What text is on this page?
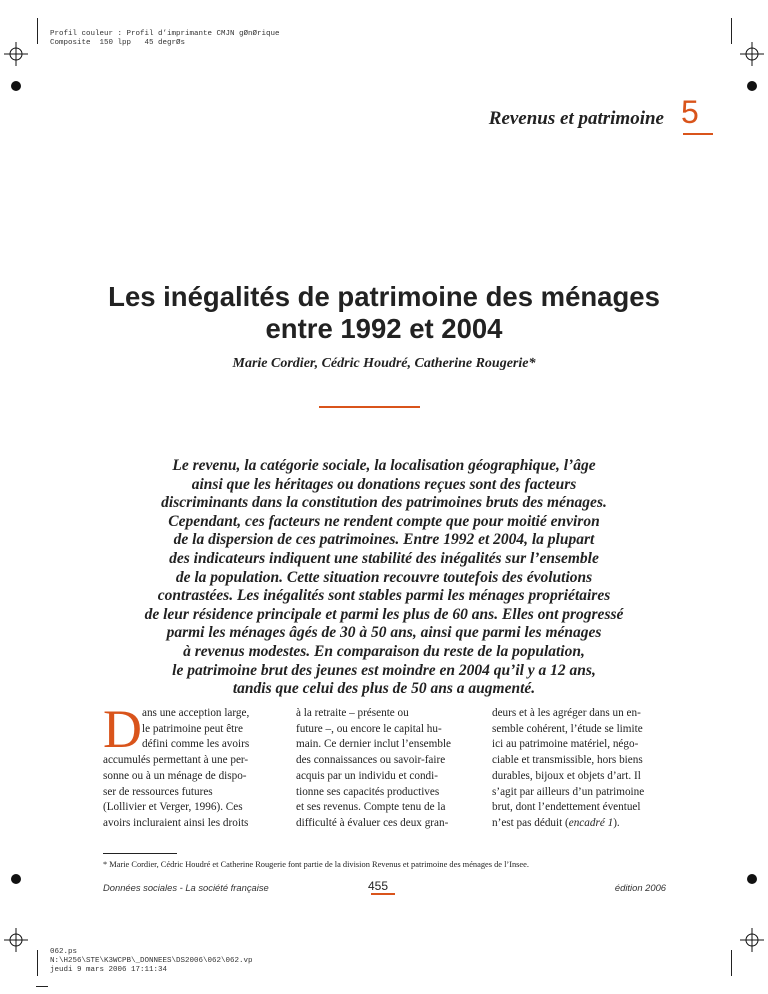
Profil couleur : Profil d’imprimante CMJN gØnØrique
Composite  150 lpp   45 degrØs
Revenus et patrimoine 5
Les inégalités de patrimoine des ménages
entre 1992 et 2004
Marie Cordier, Cédric Houdré, Catherine Rougerie*
Le revenu, la catégorie sociale, la localisation géographique, l’âge
ainsi que les héritages ou donations reçues sont des facteurs
discriminants dans la constitution des patrimoines bruts des ménages.
Cependant, ces facteurs ne rendent compte que pour moitié environ
de la dispersion de ces patrimoines. Entre 1992 et 2004, la plupart
des indicateurs indiquent une stabilité des inégalités sur l’ensemble
de la population. Cette situation recouvre toutefois des évolutions
contrastées. Les inégalités sont stables parmi les ménages propriétaires
de leur résidence principale et parmi les plus de 60 ans. Elles ont progressé
parmi les ménages âgés de 30 à 50 ans, ainsi que parmi les ménages
à revenus modestes. En comparaison du reste de la population,
le patrimoine brut des jeunes est moindre en 2004 qu’il y a 12 ans,
tandis que celui des plus de 50 ans a augmenté.
D ans une acception large,
le patrimoine peut être
défini comme les avoirs
accumulés permettant à une per-
sonne ou à un ménage de dispo-
ser de ressources futures
(Lollivier et Verger, 1996). Ces
avoirs incluraient ainsi les droits
à la retraite – présente ou
future –, ou encore le capital hu-
main. Ce dernier inclut l’ensemble
des connaissances ou savoir-faire
acquis par un individu et condi-
tionne ses capacités productives
et ses revenus. Compte tenu de la
difficulté à évaluer ces deux gran-
deurs et à les agréger dans un en-
semble cohérent, l’étude se limite
ici au patrimoine matériel, négo-
ciable et transmissible, hors biens
durables, bijoux et objets d’art. Il
s’agit par ailleurs d’un patrimoine
brut, dont l’endettement éventuel
n’est pas déduit (encadré 1).
* Marie Cordier, Cédric Houdré et Catherine Rougerie font partie de la division Revenus et patrimoine des ménages de l’Insee.
Données sociales - La société française	455	édition 2006
062.ps
N:\H256\STE\K3WCPB\_DONNEES\DS2006\062\062.vp
jeudi 9 mars 2006 17:11:34
